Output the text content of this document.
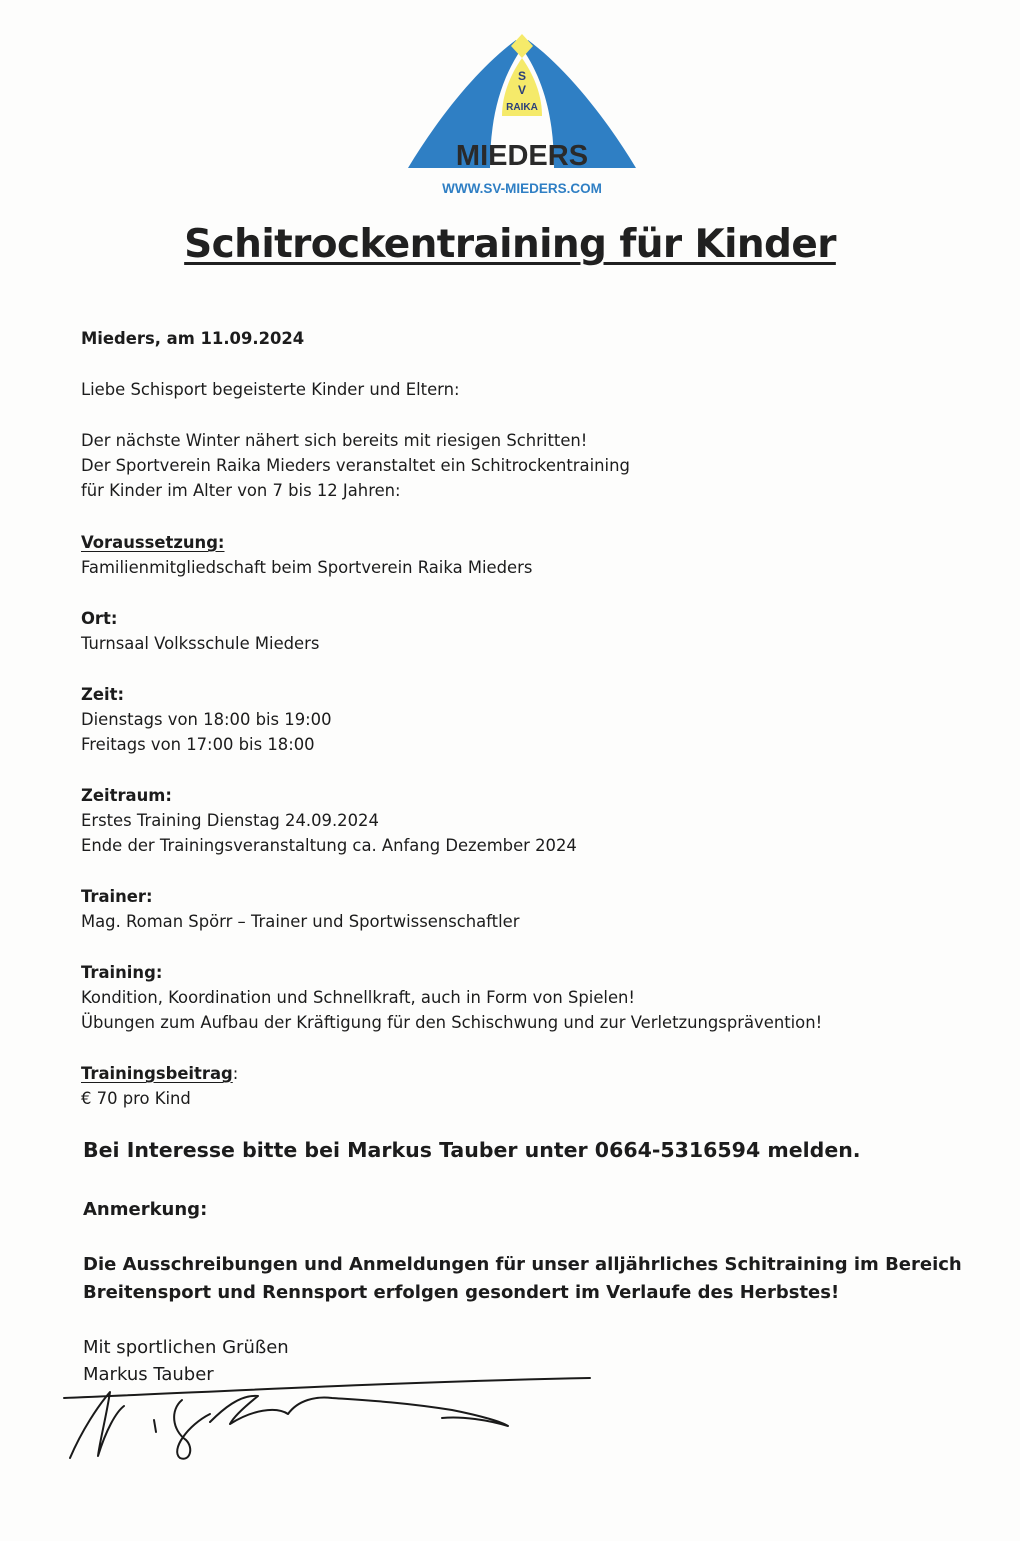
S
V
RAIKA
MIEDERS
WWW.SV-MIEDERS.COM
Schitrockentraining für Kinder

Mieders, am 11.09.2024

Liebe Schisport begeisterte Kinder und Eltern:

Der nächste Winter nähert sich bereits mit riesigen Schritten!

Der Sportverein Raika Mieders veranstaltet ein Schitrockentraining

für Kinder im Alter von 7 bis 12 Jahren:

Voraussetzung:

Familienmitgliedschaft beim Sportverein Raika Mieders

Ort:

Turnsaal Volksschule Mieders

Zeit:

Dienstags von 18:00 bis 19:00

Freitags von 17:00 bis 18:00

Zeitraum:

Erstes Training Dienstag 24.09.2024

Ende der Trainingsveranstaltung ca. Anfang Dezember 2024

Trainer:

Mag. Roman Spörr – Trainer und Sportwissenschaftler

Training:

Kondition, Koordination und Schnellkraft, auch in Form von Spielen!

Übungen zum Aufbau der Kräftigung für den Schischwung und zur Verletzungsprävention!

Trainingsbeitrag:

€ 70 pro Kind

Bei Interesse bitte bei Markus Tauber unter 0664-5316594 melden.

Anmerkung:

Die Ausschreibungen und Anmeldungen für unser alljährliches Schitraining im Bereich

Breitensport und Rennsport erfolgen gesondert im Verlaufe des Herbstes!

Mit sportlichen Grüßen

Markus Tauber
